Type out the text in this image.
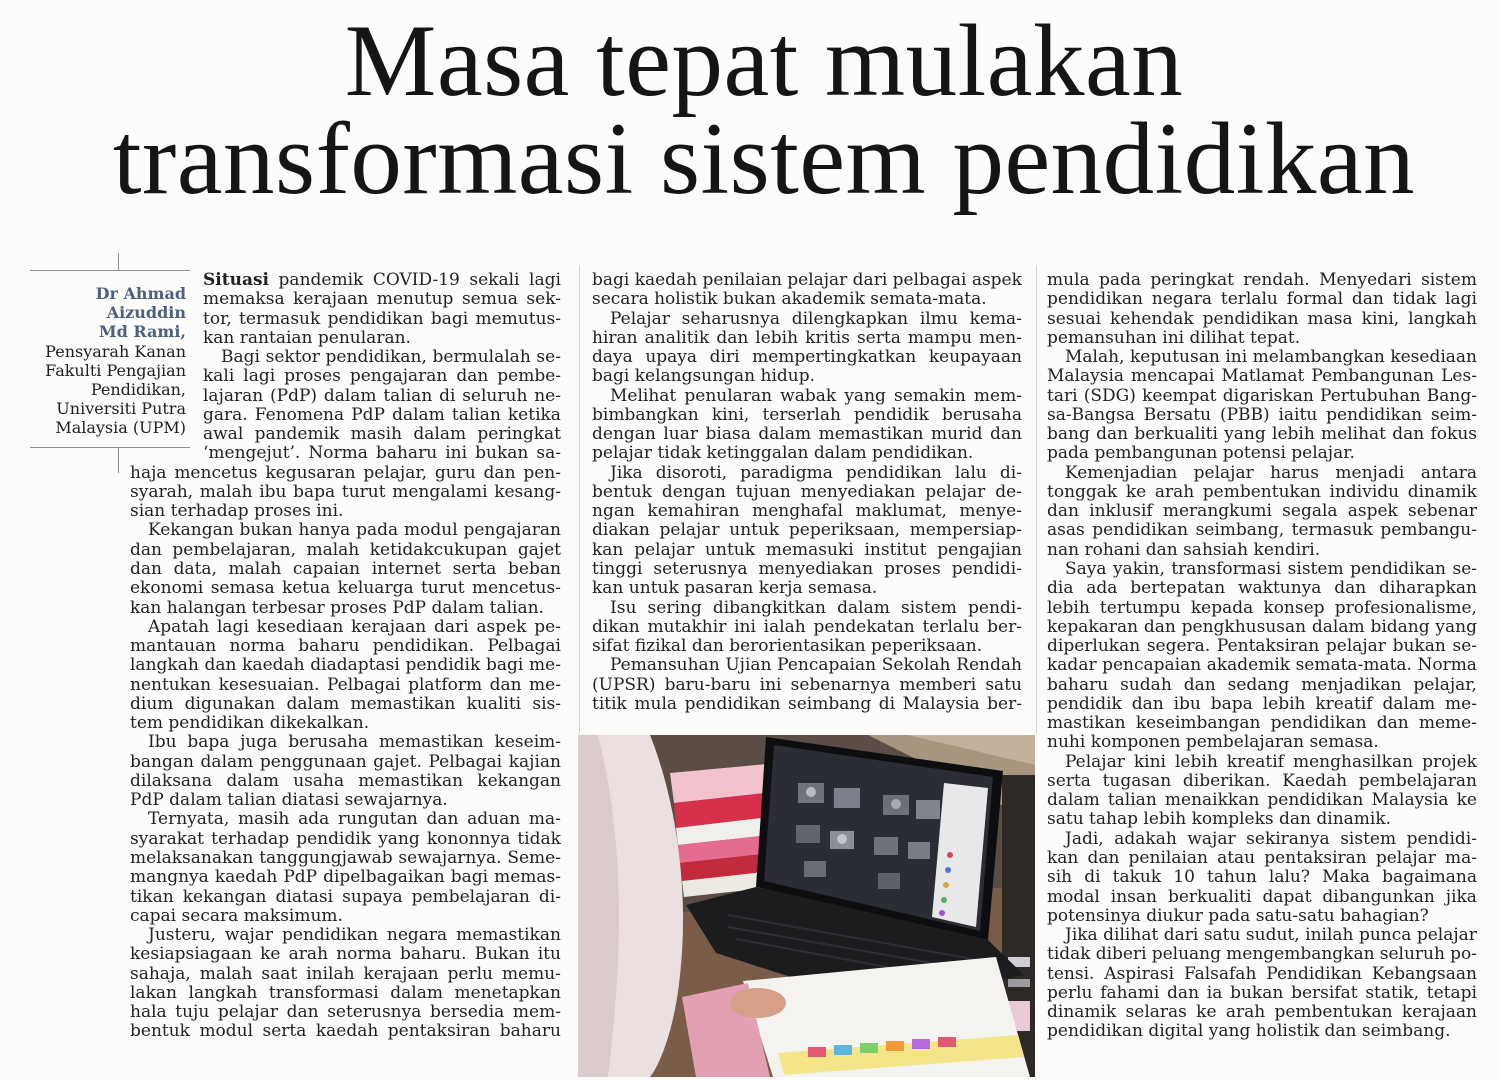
Masa tepat mulakan
transformasi sistem pendidikan
Dr Ahmad
Aizuddin
Md Rami,
Pensyarah Kanan
Fakulti Pengajian
Pendidikan,
Universiti Putra
Malaysia (UPM)
Situasi pandemik COVID-19 sekali lagi
memaksa kerajaan menutup semua sek-
tor, termasuk pendidikan bagi memutus-
kan rantaian penularan.
Bagi sektor pendidikan, bermulalah se-
kali lagi proses pengajaran dan pembe-
lajaran (PdP) dalam talian di seluruh ne-
gara. Fenomena PdP dalam talian ketika
awal pandemik masih dalam peringkat
‘mengejut’. Norma baharu ini bukan sa-
haja mencetus kegusaran pelajar, guru dan pen-
syarah, malah ibu bapa turut mengalami kesang-
sian terhadap proses ini.
Kekangan bukan hanya pada modul pengajaran
dan pembelajaran, malah ketidakcukupan gajet
dan data, malah capaian internet serta beban
ekonomi semasa ketua keluarga turut mencetus-
kan halangan terbesar proses PdP dalam talian.
Apatah lagi kesediaan kerajaan dari aspek pe-
mantauan norma baharu pendidikan. Pelbagai
langkah dan kaedah diadaptasi pendidik bagi me-
nentukan kesesuaian. Pelbagai platform dan me-
dium digunakan dalam memastikan kualiti sis-
tem pendidikan dikekalkan.
Ibu bapa juga berusaha memastikan keseim-
bangan dalam penggunaan gajet. Pelbagai kajian
dilaksana dalam usaha memastikan kekangan
PdP dalam talian diatasi sewajarnya.
Ternyata, masih ada rungutan dan aduan ma-
syarakat terhadap pendidik yang kononnya tidak
melaksanakan tanggungjawab sewajarnya. Seme-
mangnya kaedah PdP dipelbagaikan bagi memas-
tikan kekangan diatasi supaya pembelajaran di-
capai secara maksimum.
Justeru, wajar pendidikan negara memastikan
kesiapsiagaan ke arah norma baharu. Bukan itu
sahaja, malah saat inilah kerajaan perlu memu-
lakan langkah transformasi dalam menetapkan
hala tuju pelajar dan seterusnya bersedia mem-
bentuk modul serta kaedah pentaksiran baharu
bagi kaedah penilaian pelajar dari pelbagai aspek
secara holistik bukan akademik semata-mata.
Pelajar seharusnya dilengkapkan ilmu kema-
hiran analitik dan lebih kritis serta mampu men-
daya upaya diri mempertingkatkan keupayaan
bagi kelangsungan hidup.
Melihat penularan wabak yang semakin mem-
bimbangkan kini, terserlah pendidik berusaha
dengan luar biasa dalam memastikan murid dan
pelajar tidak ketinggalan dalam pendidikan.
Jika disoroti, paradigma pendidikan lalu di-
bentuk dengan tujuan menyediakan pelajar de-
ngan kemahiran menghafal maklumat, menye-
diakan pelajar untuk peperiksaan, mempersiap-
kan pelajar untuk memasuki institut pengajian
tinggi seterusnya menyediakan proses pendidi-
kan untuk pasaran kerja semasa.
Isu sering dibangkitkan dalam sistem pendi-
dikan mutakhir ini ialah pendekatan terlalu ber-
sifat fizikal dan berorientasikan peperiksaan.
Pemansuhan Ujian Pencapaian Sekolah Rendah
(UPSR) baru-baru ini sebenarnya memberi satu
titik mula pendidikan seimbang di Malaysia ber-
mula pada peringkat rendah. Menyedari sistem
pendidikan negara terlalu formal dan tidak lagi
sesuai kehendak pendidikan masa kini, langkah
pemansuhan ini dilihat tepat.
Malah, keputusan ini melambangkan kesediaan
Malaysia mencapai Matlamat Pembangunan Les-
tari (SDG) keempat digariskan Pertubuhan Bang-
sa-Bangsa Bersatu (PBB) iaitu pendidikan seim-
bang dan berkualiti yang lebih melihat dan fokus
pada pembangunan potensi pelajar.
Kemenjadian pelajar harus menjadi antara
tonggak ke arah pembentukan individu dinamik
dan inklusif merangkumi segala aspek sebenar
asas pendidikan seimbang, termasuk pembangu-
nan rohani dan sahsiah kendiri.
Saya yakin, transformasi sistem pendidikan se-
dia ada bertepatan waktunya dan diharapkan
lebih tertumpu kepada konsep profesionalisme,
kepakaran dan pengkhususan dalam bidang yang
diperlukan segera. Pentaksiran pelajar bukan se-
kadar pencapaian akademik semata-mata. Norma
baharu sudah dan sedang menjadikan pelajar,
pendidik dan ibu bapa lebih kreatif dalam me-
mastikan keseimbangan pendidikan dan meme-
nuhi komponen pembelajaran semasa.
Pelajar kini lebih kreatif menghasilkan projek
serta tugasan diberikan. Kaedah pembelajaran
dalam talian menaikkan pendidikan Malaysia ke
satu tahap lebih kompleks dan dinamik.
Jadi, adakah wajar sekiranya sistem pendidi-
kan dan penilaian atau pentaksiran pelajar ma-
sih di takuk 10 tahun lalu? Maka bagaimana
modal insan berkualiti dapat dibangunkan jika
potensinya diukur pada satu-satu bahagian?
Jika dilihat dari satu sudut, inilah punca pelajar
tidak diberi peluang mengembangkan seluruh po-
tensi. Aspirasi Falsafah Pendidikan Kebangsaan
perlu fahami dan ia bukan bersifat statik, tetapi
dinamik selaras ke arah pembentukan kerajaan
pendidikan digital yang holistik dan seimbang.
